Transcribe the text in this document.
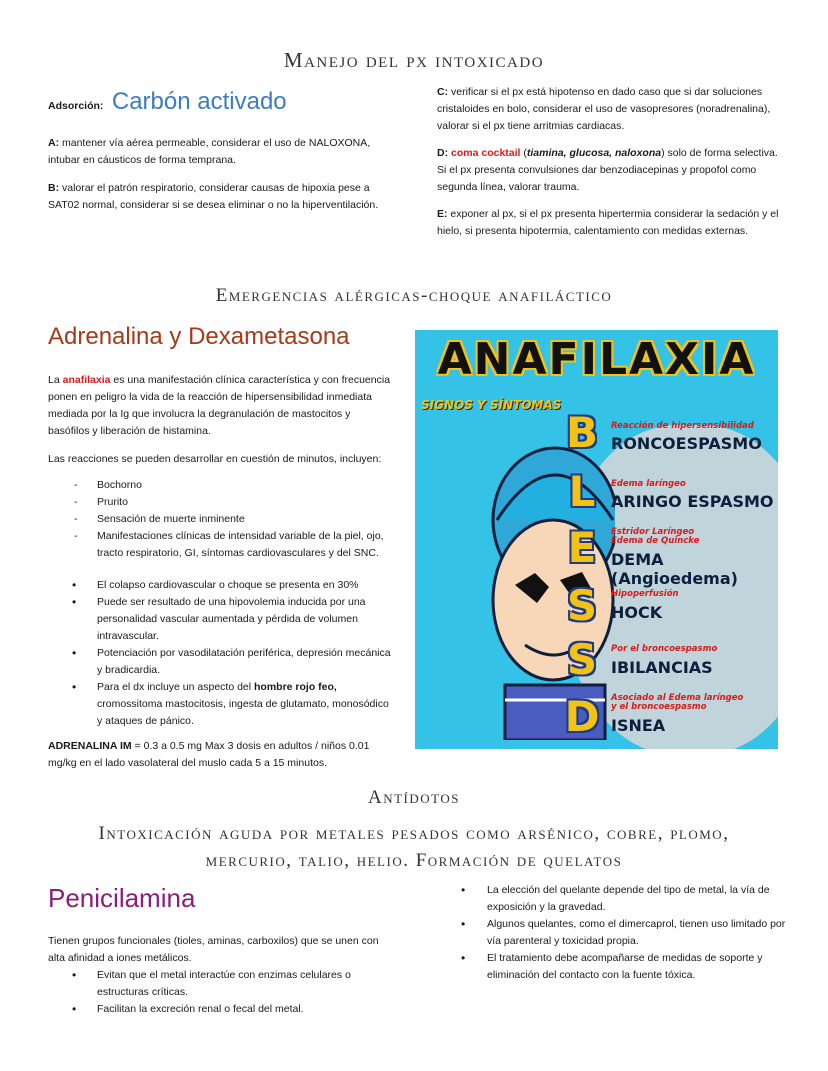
Manejo del px intoxicado
Adsorción: Carbón activado

A: mantener vía aérea permeable, considerar el uso de NALOXONA, intubar en cáusticos de forma temprana.

B: valorar el patrón respiratorio, considerar causas de hipoxia pese a SAT02 normal, considerar si se desea eliminar o no la hiperventilación.

C: verificar si el px está hipotenso en dado caso que si dar soluciones cristaloides en bolo, considerar el uso de vasopresores (noradrenalina), valorar si el px tiene arritmias cardiacas.

D: coma cocktail (tiamina, glucosa, naloxona) solo de forma selectiva. Si el px presenta convulsiones dar benzodiacepinas y propofol como segunda línea, valorar trauma.

E: exponer al px, si el px presenta hipertermia considerar la sedación y el hielo, si presenta hipotermia, calentamiento con medidas externas.

Emergencias alérgicas-choque anafiláctico
Adrenalina y Dexametasona

La anafilaxia es una manifestación clínica característica y con frecuencia ponen en peligro la vida de la reacción de hipersensibilidad inmediata mediada por la Ig que involucra la degranulación de mastocitos y basófilos y liberación de histamina.

Las reacciones se pueden desarrollar en cuestión de minutos, incluyen:

- Bochorno
- Prurito
- Sensación de muerte inminente
- Manifestaciones clínicas de intensidad variable de la piel, ojo, tracto respiratorio, GI, síntomas cardiovasculares y del SNC.
• El colapso cardiovascular o choque se presenta en 30%
• Puede ser resultado de una hipovolemia inducida por una personalidad vascular aumentada y pérdida de volumen intravascular.
• Potenciación por vasodilatación periférica, depresión mecánica y bradicardia.
• Para el dx incluye un aspecto del hombre rojo feo, cromossitoma mastocitosis, ingesta de glutamato, monosódico y ataques de pánico.

ADRENALINA IM = 0.3 a 0.5 mg Max 3 dosis en adultos / niños 0.01 mg/kg en el lado vasolateral del muslo cada 5 a 15 minutos.

ANAFILAXIA
SIGNOS Y SÍNTOMAS
B	Reacción de hipersensibilidad
RONCOESPASMO
L	Edema laríngeo
ARINGO ESPASMO
E	Estridor Laríngeo
Edema de Quincke
DEMA (Angioedema)
S	Hipoperfusión
HOCK
S	Por el broncoespasmo
IBILANCIAS
D Asociado al Edema laríngeo
y el broncoespasmo
ISNEA
Antídotos
Intoxicación aguda por metales pesados como arsénico, cobre, plomo, mercurio, talio, helio. Formación de quelatos
Penicilamina

Tienen grupos funcionales (tioles, aminas, carboxilos) que se unen con alta afinidad a iones metálicos.

• Evitan que el metal interactúe con enzimas celulares o estructuras críticas.
• Facilitan la excreción renal o fecal del metal.
• La elección del quelante depende del tipo de metal, la vía de exposición y la gravedad.
• Algunos quelantes, como el dimercaprol, tienen uso limitado por vía parenteral y toxicidad propia.
• El tratamiento debe acompañarse de medidas de soporte y eliminación del contacto con la fuente tóxica.
